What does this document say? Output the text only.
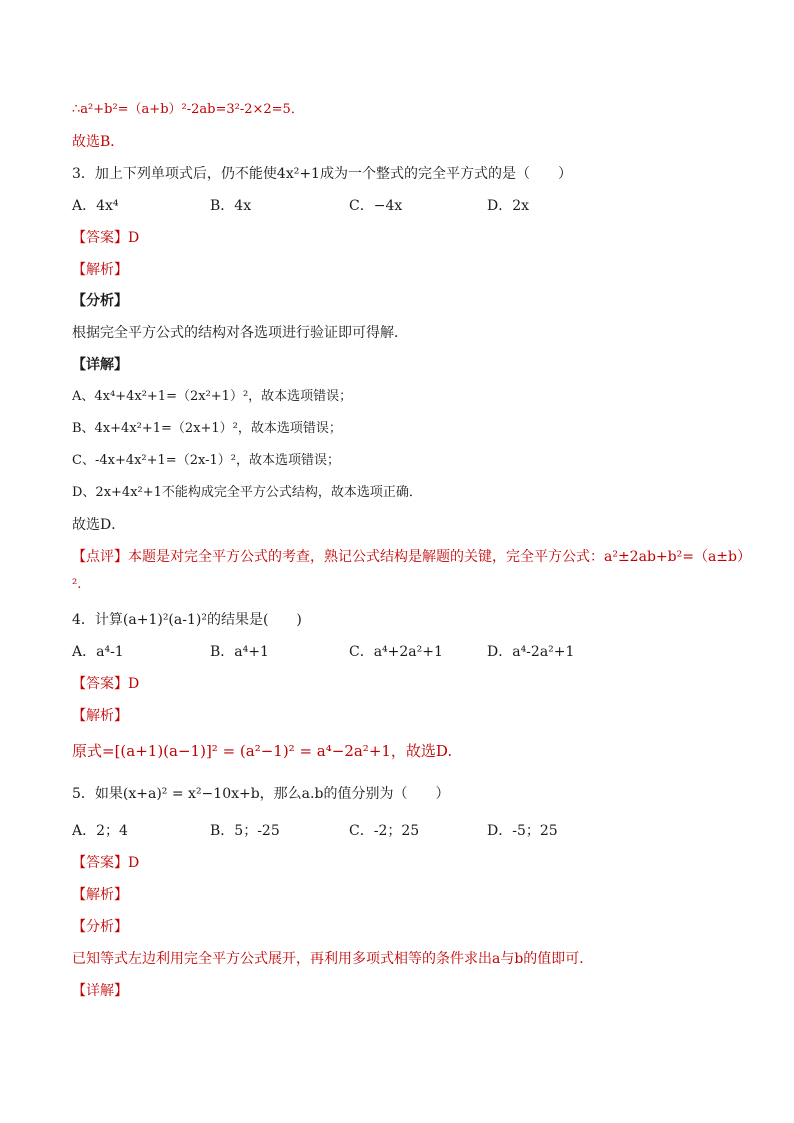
∴a²+b²=（a+b）²-2ab=3²-2×2=5．
故选B．
3．加上下列单项式后，仍不能使4x²+1成为一个整式的完全平方式的是（　　）
A．4x⁴	B．4x	C．−4x	D．2x
【答案】D
【解析】
【分析】
根据完全平方公式的结构对各选项进行验证即可得解．
【详解】
A、4x⁴+4x²+1=（2x²+1）²，故本选项错误；
B、4x+4x²+1=（2x+1）²，故本选项错误；
C、-4x+4x²+1=（2x-1）²，故本选项错误；
D、2x+4x²+1不能构成完全平方公式结构，故本选项正确．
故选D．
【点评】本题是对完全平方公式的考查，熟记公式结构是解题的关键，完全平方公式：a²±2ab+b²=（a±b）
².
4．计算(a+1)²(a-1)²的结果是(　　)
A．a⁴-1	B．a⁴+1	C．a⁴+2a²+1	D．a⁴-2a²+1
【答案】D
【解析】
原式=[(a+1)(a−1)]² = (a²−1)² = a⁴−2a²+1，故选D.
5．如果(x+a)² = x²−10x+b，那么a.b的值分别为（　　）
A．2；4	B．5；-25	C．-2；25	D．-5；25
【答案】D
【解析】
【分析】
已知等式左边利用完全平方公式展开，再利用多项式相等的条件求出a与b的值即可．
【详解】
